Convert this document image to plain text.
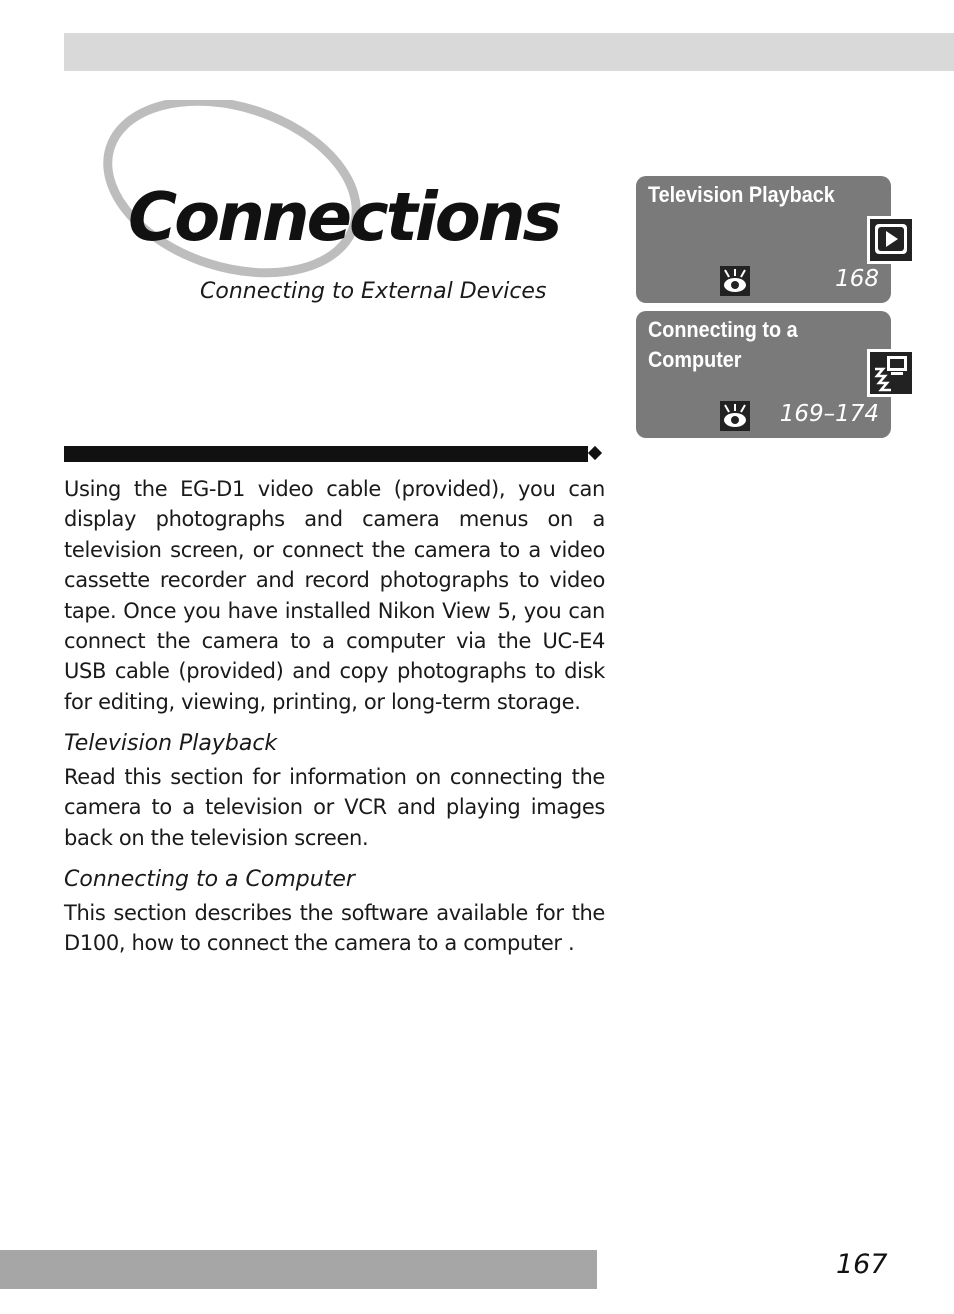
Connections
Connecting to External Devices
Television Playback
168
Connecting to a Computer
169–174

Using the EG-D1 video cable (provided), you can display photographs and camera menus on a television screen, or connect the camera to a video cassette recorder and record photographs to video tape. Once you have installed Nikon View 5, you can connect the camera to a computer via the UC-E4 USB cable (provided) and copy photographs to disk for editing, viewing, printing, or long-term storage.

Television Playback

Read this section for information on connecting the camera to a television or VCR and playing images back on the television screen.

Connecting to a Computer

This section describes the software available for the D100, how to connect the camera to a computer .

167
